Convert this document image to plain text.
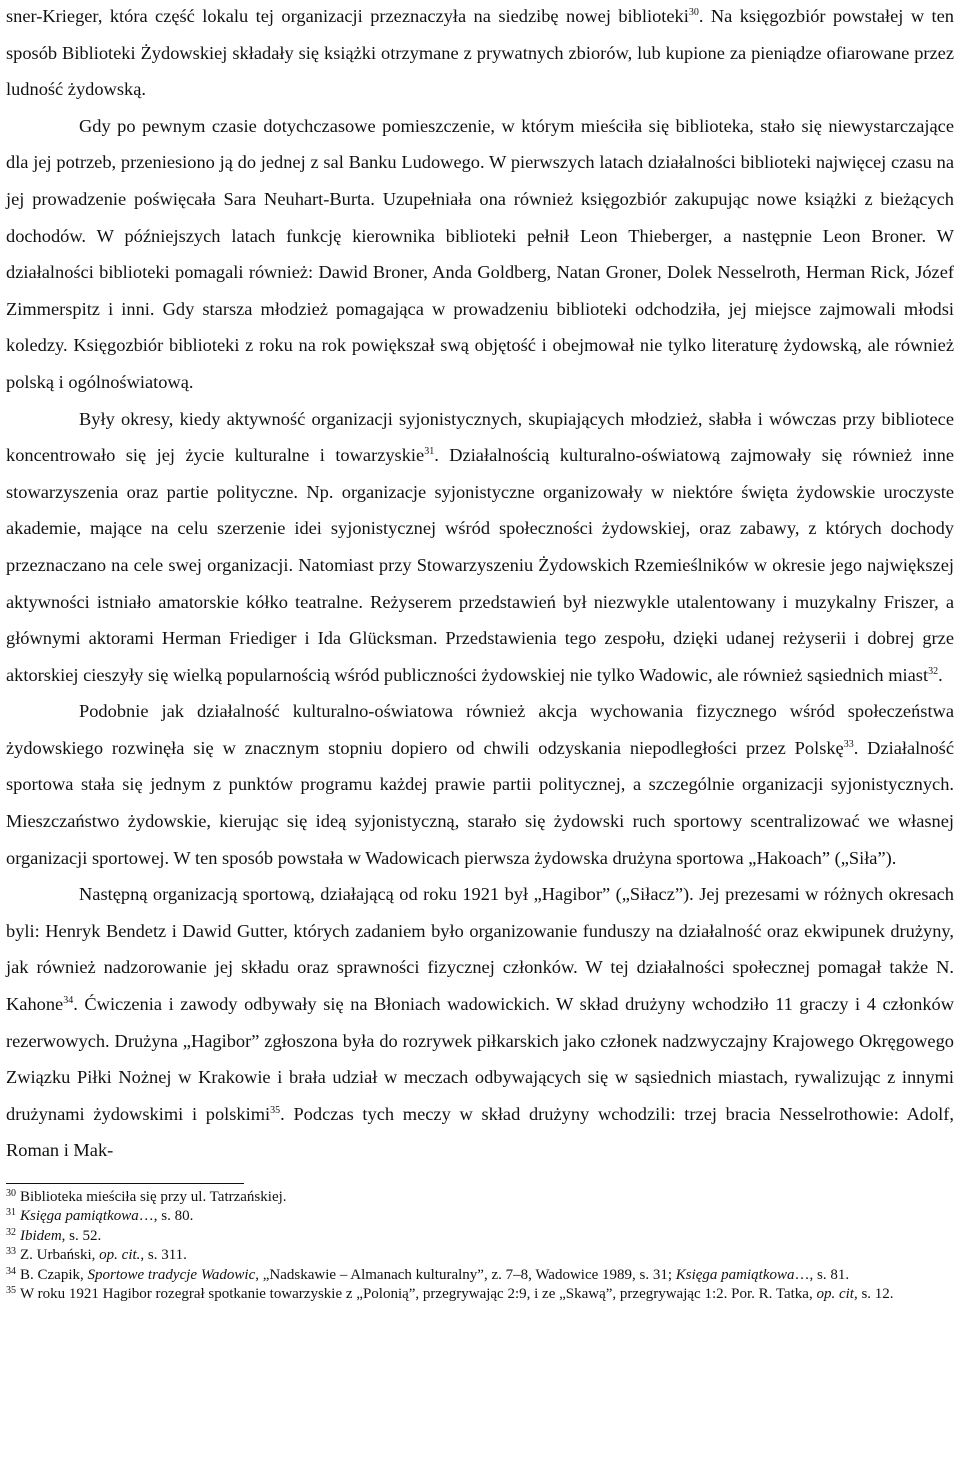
sner-Krieger, która część lokalu tej organizacji przeznaczyła na siedzibę nowej biblioteki$^{30}$. Na księgozbiór powstałej w ten sposób Biblioteki Żydowskiej składały się książki otrzymane z prywatnych zbiorów, lub kupione za pieniądze ofiarowane przez ludność żydowską.

Gdy po pewnym czasie dotychczasowe pomieszczenie, w którym mieściła się biblioteka, stało się niewystarczające dla jej potrzeb, przeniesiono ją do jednej z sal Banku Ludowego. W pierwszych latach działalności biblioteki najwięcej czasu na jej prowadzenie poświęcała Sara Neuhart-Burta. Uzupełniała ona również księgozbiór zakupując nowe książki z bieżących dochodów. W późniejszych latach funkcję kierownika biblioteki pełnił Leon Thieberger, a następnie Leon Broner. W działalności biblioteki pomagali również: Dawid Broner, Anda Goldberg, Natan Groner, Dolek Nesselroth, Herman Rick, Józef Zimmerspitz i inni. Gdy starsza młodzież pomagająca w prowadzeniu biblioteki odchodziła, jej miejsce zajmowali młodsi koledzy. Księgozbiór biblioteki z roku na rok powiększał swą objętość i obejmował nie tylko literaturę żydowską, ale również polską i ogólnoświatową.

Były okresy, kiedy aktywność organizacji syjonistycznych, skupiających młodzież, słabła i wówczas przy bibliotece koncentrowało się jej życie kulturalne i towarzyskie$^{31}$. Działalnością kulturalno-oświatową zajmowały się również inne stowarzyszenia oraz partie polityczne. Np. organizacje syjonistyczne organizowały w niektóre święta żydowskie uroczyste akademie, mające na celu szerzenie idei syjonistycznej wśród społeczności żydowskiej, oraz zabawy, z których dochody przeznaczano na cele swej organizacji. Natomiast przy Stowarzyszeniu Żydowskich Rzemieślników w okresie jego największej aktywności istniało amatorskie kółko teatralne. Reżyserem przedstawień był niezwykle utalentowany i muzykalny Friszer, a głównymi aktorami Herman Friediger i Ida Glücksman. Przedstawienia tego zespołu, dzięki udanej reżyserii i dobrej grze aktorskiej cieszyły się wielką popularnością wśród publiczności żydowskiej nie tylko Wadowic, ale również sąsiednich miast$^{32}$.

Podobnie jak działalność kulturalno-oświatowa również akcja wychowania fizycznego wśród społeczeństwa żydowskiego rozwinęła się w znacznym stopniu dopiero od chwili odzyskania niepodległości przez Polskę$^{33}$. Działalność sportowa stała się jednym z punktów programu każdej prawie partii politycznej, a szczególnie organizacji syjonistycznych. Mieszczaństwo żydowskie, kierując się ideą syjonistyczną, starało się żydowski ruch sportowy scentralizować we własnej organizacji sportowej. W ten sposób powstała w Wadowicach pierwsza żydowska drużyna sportowa „Hakoach” („Siła”).

Następną organizacją sportową, działającą od roku 1921 był „Hagibor” („Siłacz”). Jej prezesami w różnych okresach byli: Henryk Bendetz i Dawid Gutter, których zadaniem było organizowanie funduszy na działalność oraz ekwipunek drużyny, jak również nadzorowanie jej składu oraz sprawności fizycznej członków. W tej działalności społecznej pomagał także N. Kahone$^{34}$. Ćwiczenia i zawody odbywały się na Błoniach wadowickich. W skład drużyny wchodziło 11 graczy i 4 członków rezerwowych. Drużyna „Hagibor” zgłoszona była do rozrywek piłkarskich jako członek nadzwyczajny Krajowego Okręgowego Związku Piłki Nożnej w Krakowie i brała udział w meczach odbywających się w sąsiednich miastach, rywalizując z innymi drużynami żydowskimi i polskimi$^{35}$. Podczas tych meczy w skład drużyny wchodzili: trzej bracia Nesselrothowie: Adolf, Roman i Mak-

$^{30}$ Biblioteka mieściła się przy ul. Tatrzańskiej.

$^{31}$ Księga pamiątkowa…, s. 80.

$^{32}$ Ibidem, s. 52.

$^{33}$ Z. Urbański, op. cit., s. 311.

$^{34}$ B. Czapik, Sportowe tradycje Wadowic, „Nadskawie – Almanach kulturalny”, z. 7–8, Wadowice 1989, s. 31; Księga pamiątkowa…, s. 81.

$^{35}$ W roku 1921 Hagibor rozegrał spotkanie towarzyskie z „Polonią”, przegrywając 2:9, i ze „Skawą”, przegrywając 1:2. Por. R. Tatka, op. cit, s. 12.
